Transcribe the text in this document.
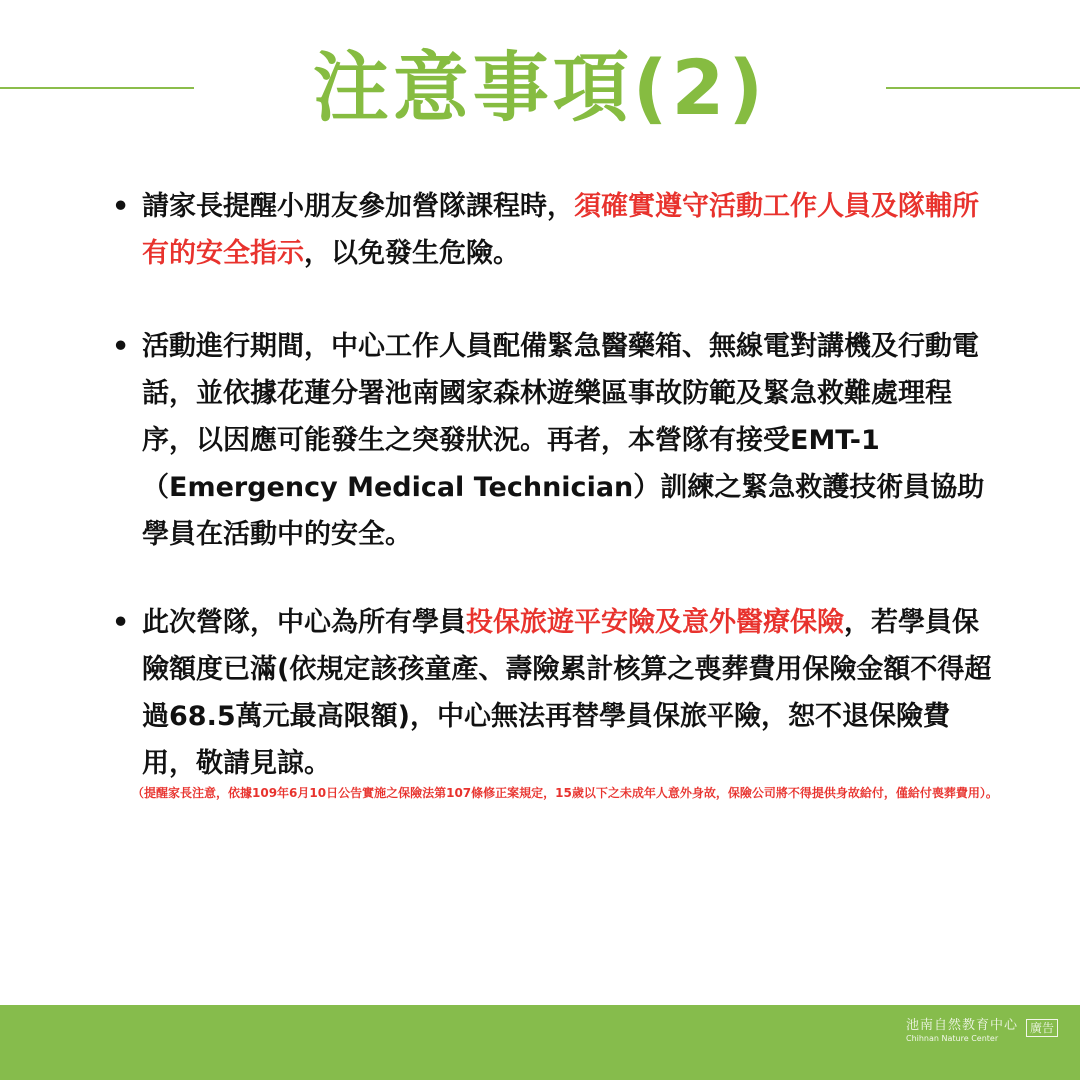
注意事項(2)
• 請家長提醒小朋友參加營隊課程時，須確實遵守活動工作人員及隊輔所有的安全指示，以免發生危險。
• 活動進行期間，中心工作人員配備緊急醫藥箱、無線電對講機及行動電話，並依據花蓮分署池南國家森林遊樂區事故防範及緊急救難處理程序，以因應可能發生之突發狀況。再者，本營隊有接受EMT-1（Emergency Medical Technician）訓練之緊急救護技術員協助學員在活動中的安全。
• 此次營隊，中心為所有學員投保旅遊平安險及意外醫療保險，若學員保險額度已滿(依規定該孩童產、壽險累計核算之喪葬費用保險金額不得超過68.5萬元最高限額)，中心無法再替學員保旅平險，恕不退保險費用，敬請見諒。
（提醒家長注意，依據109年6月10日公告實施之保險法第107條修正案規定，15歲以下之未成年人意外身故，保險公司將不得提供身故給付，僅給付喪葬費用）。
池南自然教育中心
Chihnan Nature Center
廣告
